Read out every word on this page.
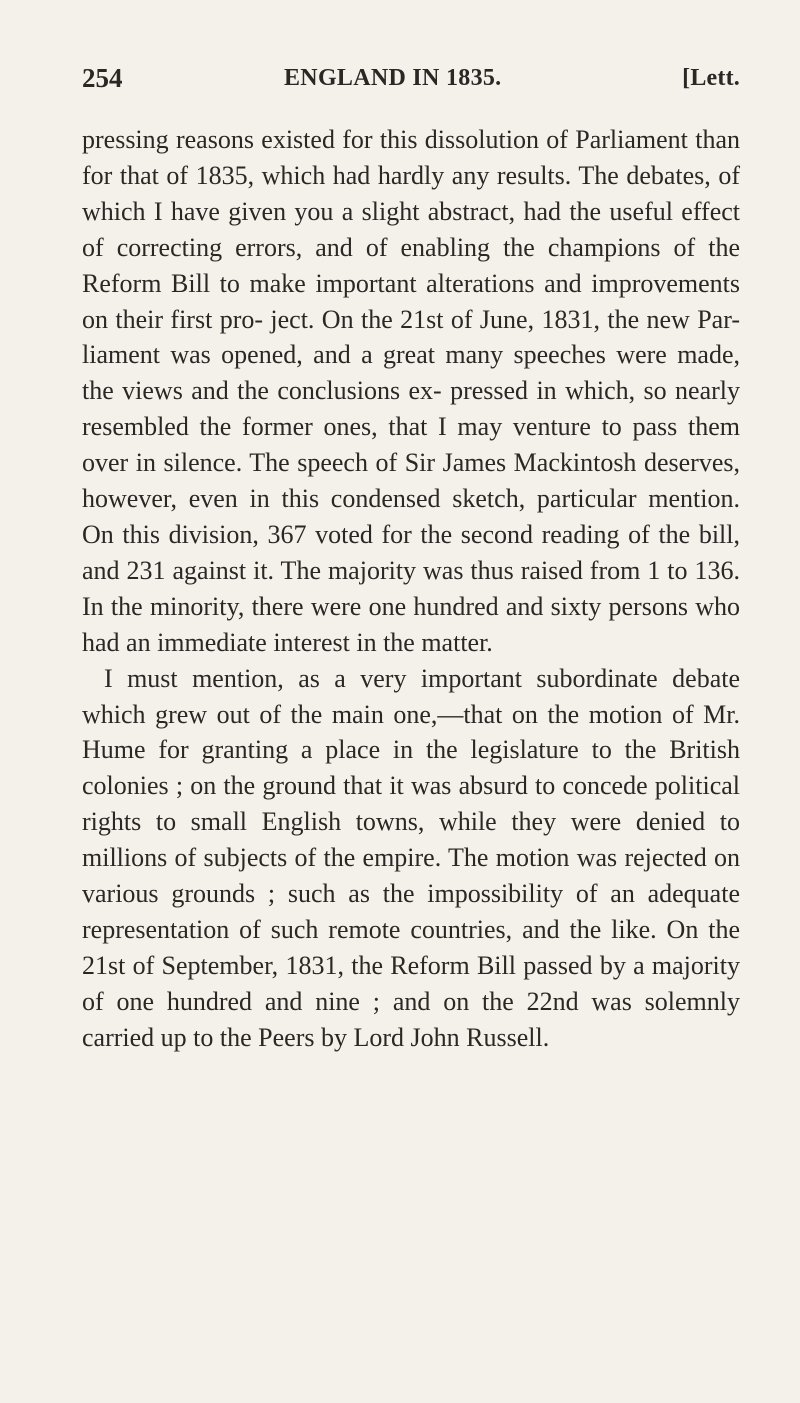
254	ENGLAND IN 1835.	[Lett.

pressing reasons existed for this dissolution of Parliament than for that of 1835, which had hardly any results. The debates, of which I have given you a slight abstract, had the useful effect of correcting errors, and of enabling the champions of the Reform Bill to make important alterations and improvements on their first pro- ject. On the 21st of June, 1831, the new Par- liament was opened, and a great many speeches were made, the views and the conclusions ex- pressed in which, so nearly resembled the former ones, that I may venture to pass them over in silence. The speech of Sir James Mackintosh deserves, however, even in this condensed sketch, particular mention. On this division, 367 voted for the second reading of the bill, and 231 against it. The majority was thus raised from 1 to 136. In the minority, there were one hundred and sixty persons who had an immediate interest in the matter.

I must mention, as a very important subordinate debate which grew out of the main one,—that on the motion of Mr. Hume for granting a place in the legislature to the British colonies ; on the ground that it was absurd to concede political rights to small English towns, while they were denied to millions of subjects of the empire. The motion was rejected on various grounds ; such as the impossibility of an adequate representation of such remote countries, and the like. On the 21st of September, 1831, the Reform Bill passed by a majority of one hundred and nine ; and on the 22nd was solemnly carried up to the Peers by Lord John Russell.
